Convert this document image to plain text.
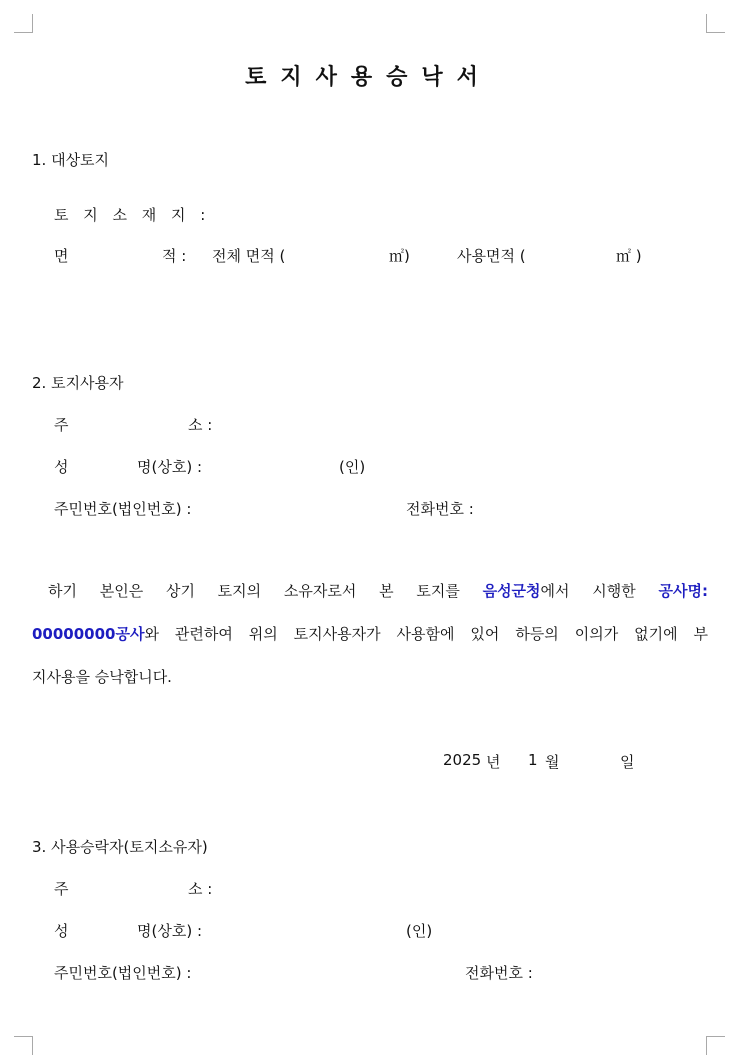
토지사용승낙서
1. 대상토지
토 지 소 재 지 :
면	적 : 전체 면적 (	㎡)	사용면적 (	㎡ )
2. 토지사용자
주	소 :
성	명(상호) :	(인)
주민번호(법인번호) :	전화번호 :
하기 본인은 상기 토지의 소유자로서 본 토지를 음성군청에서 시행한 공사명:
00000000공사와 관련하여 위의 토지사용자가 사용함에 있어 하등의 이의가 없기에 부
지사용을 승낙합니다.
2025 년 1 월	일
3. 사용승락자(토지소유자)
주	소 :
성	명(상호) :	(인)
주민번호(법인번호) :	전화번호 :
